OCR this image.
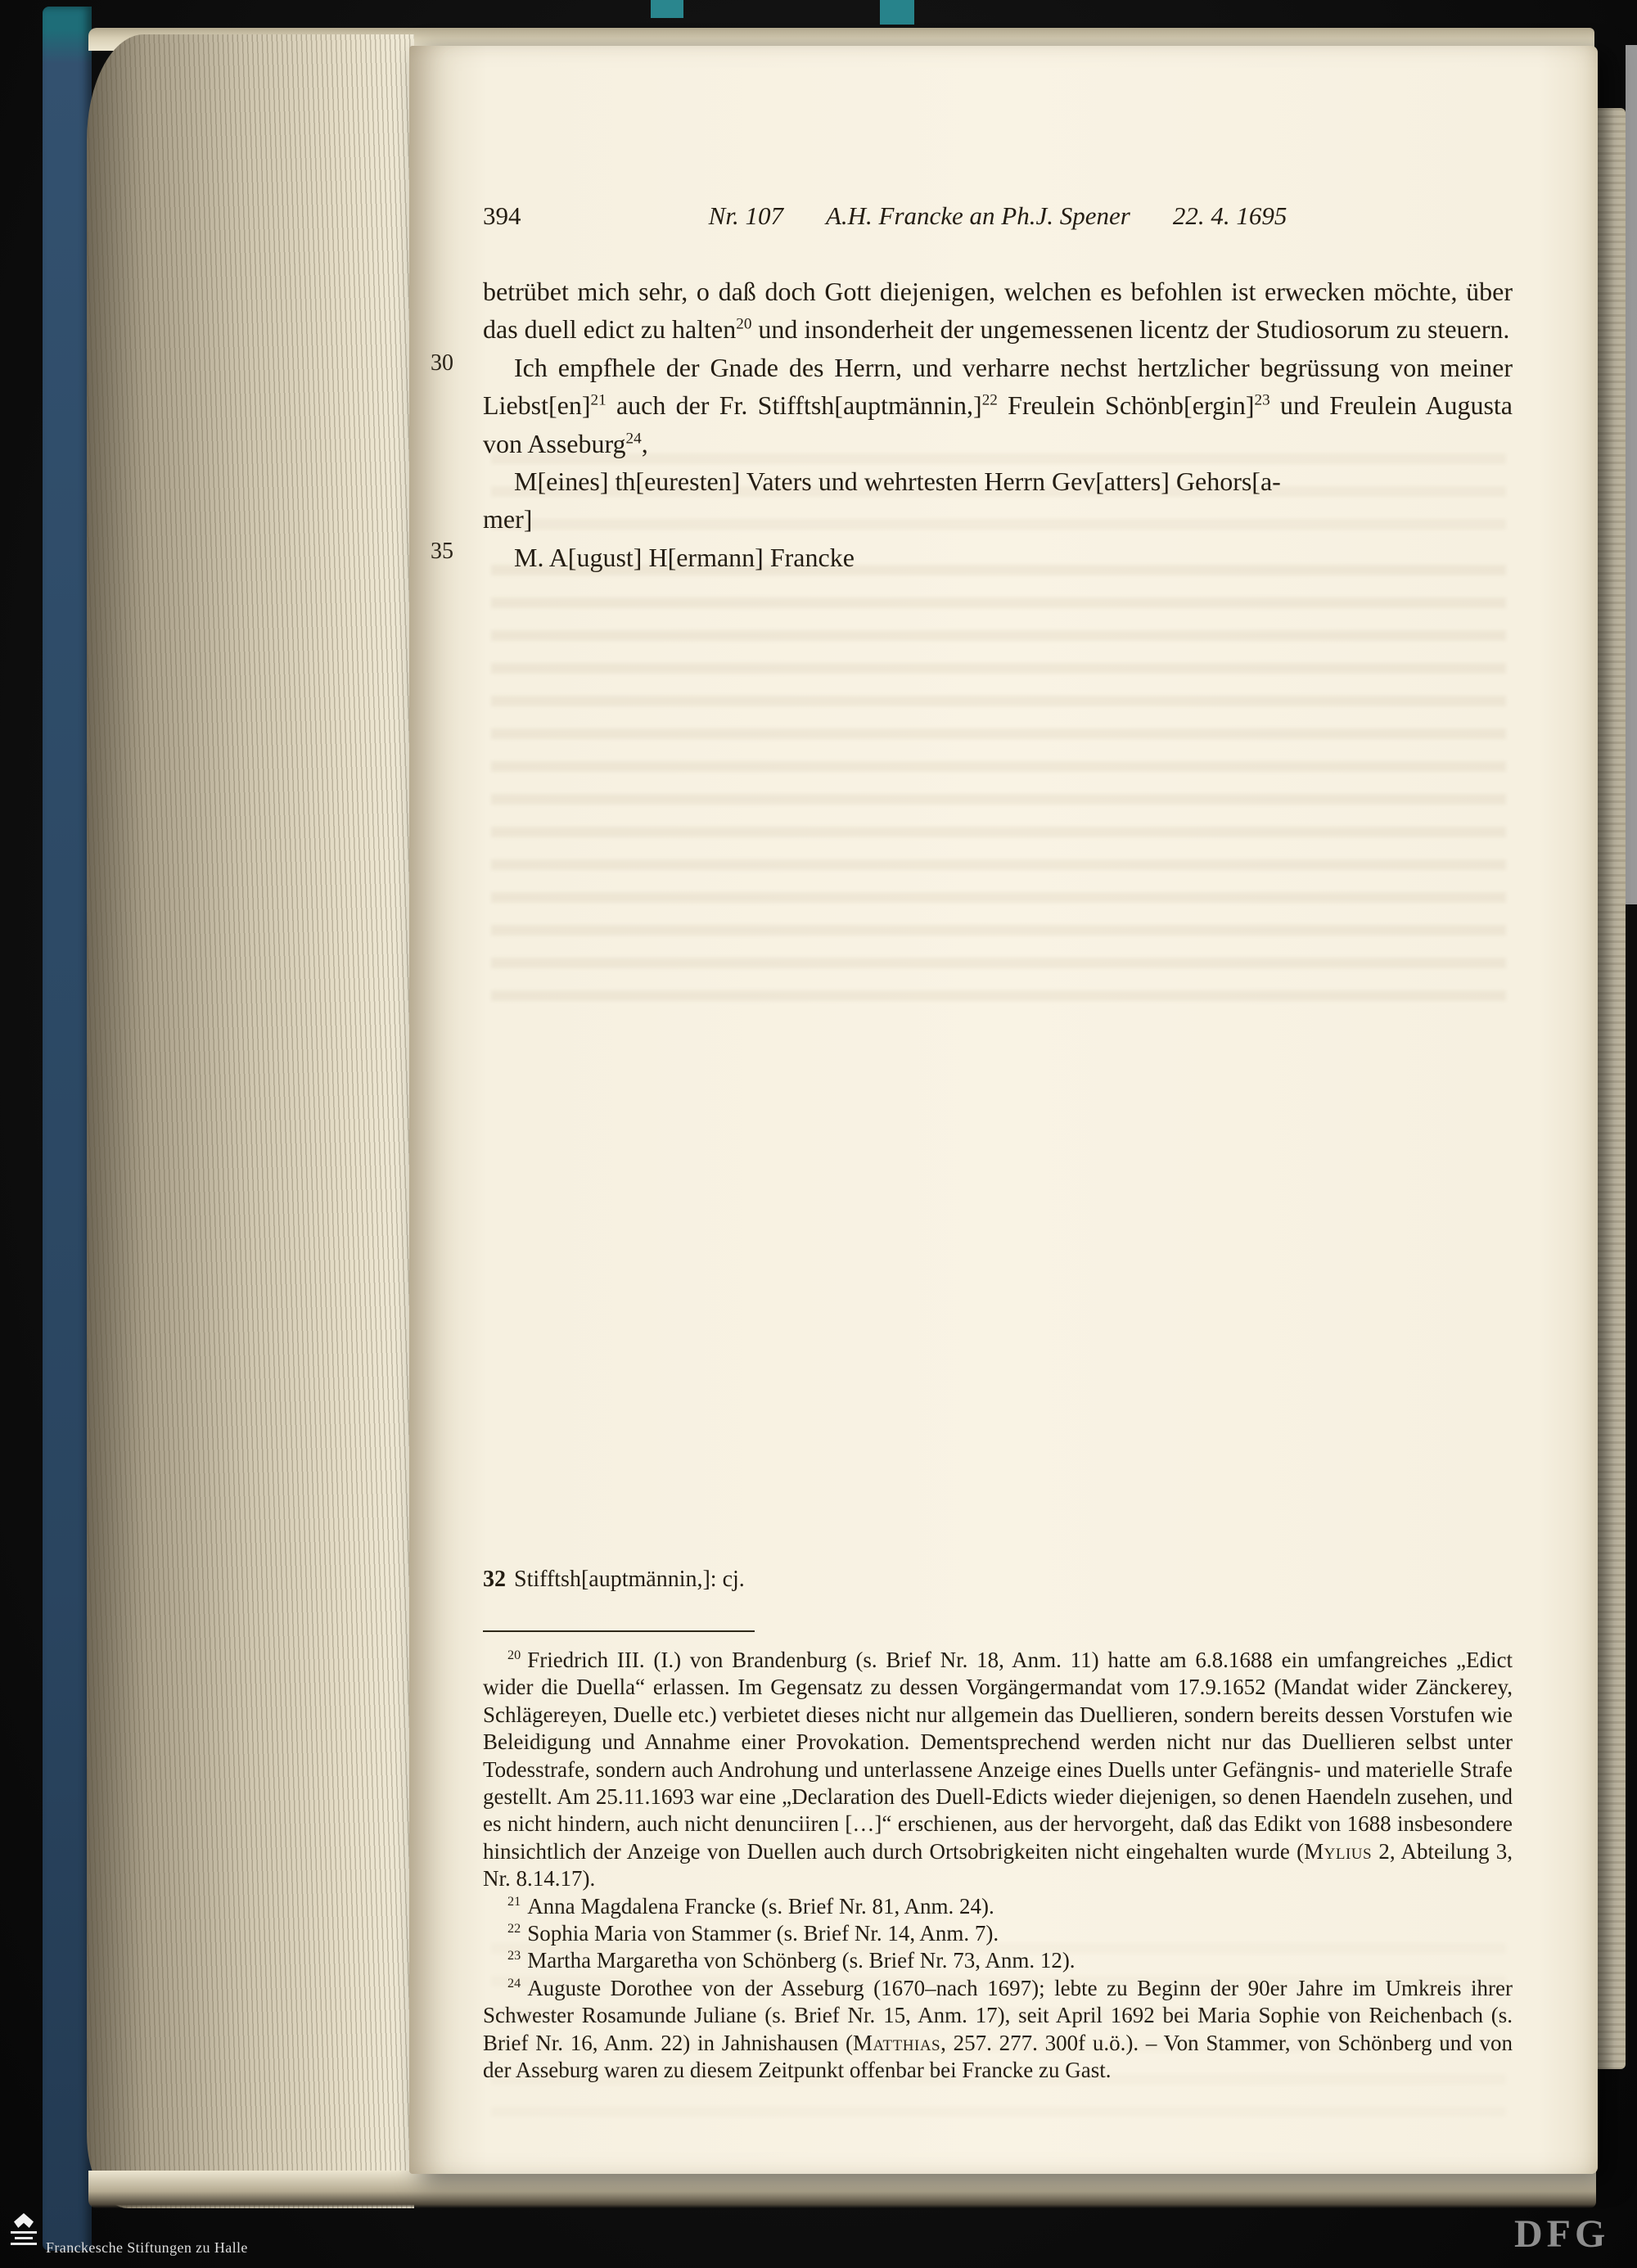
394	Nr. 107 A.H. Francke an Ph.J. Spener 22. 4. 1695
30
35

betrübet mich sehr, o daß doch Gott diejenigen, welchen es befohlen ist erwecken möchte, über das duell edict zu halten$^{20}$ und insonderheit der ungemessenen licentz der Studiosorum zu steuern.

Ich empfhele der Gnade des Herrn, und verharre nechst hertzlicher begrüssung von meiner Liebst[en]$^{21}$ auch der Fr. Stifftsh[auptmännin,]$^{22}$ Freulein Schönb[ergin]$^{23}$ und Freulein Augusta von Asseburg$^{24}$,

M[eines] th[euresten] Vaters und wehrtesten Herrn Gev[atters] Gehors[a-
mer]

M. A[ugust] H[ermann] Francke

32 Stifftsh[auptmännin,]: cj.

$^{20}$ Friedrich III. (I.) von Brandenburg (s. Brief Nr. 18, Anm. 11) hatte am 6.8.1688 ein umfangreiches „Edict wider die Duella“ erlassen. Im Gegensatz zu dessen Vorgängermandat vom 17.9.1652 (Mandat wider Zänckerey, Schlägereyen, Duelle etc.) verbietet dieses nicht nur allgemein das Duellieren, sondern bereits dessen Vorstufen wie Beleidigung und Annahme einer Provokation. Dementsprechend werden nicht nur das Duellieren selbst unter Todesstrafe, sondern auch Androhung und unterlassene Anzeige eines Duells unter Gefängnis- und materielle Strafe gestellt. Am 25.11.1693 war eine „Declaration des Duell-Edicts wieder diejenigen, so denen Haendeln zusehen, und es nicht hindern, auch nicht denunciiren […]“ erschienen, aus der hervorgeht, daß das Edikt von 1688 insbesondere hinsichtlich der Anzeige von Duellen auch durch Ortsobrigkeiten nicht eingehalten wurde (Mylius 2, Abteilung 3, Nr. 8.14.17).

$^{21}$ Anna Magdalena Francke (s. Brief Nr. 81, Anm. 24).

$^{22}$ Sophia Maria von Stammer (s. Brief Nr. 14, Anm. 7).

$^{23}$ Martha Margaretha von Schönberg (s. Brief Nr. 73, Anm. 12).

$^{24}$ Auguste Dorothee von der Asseburg (1670–nach 1697); lebte zu Beginn der 90er Jahre im Umkreis ihrer Schwester Rosamunde Juliane (s. Brief Nr. 15, Anm. 17), seit April 1692 bei Maria Sophie von Reichenbach (s. Brief Nr. 16, Anm. 22) in Jahnishausen (Matthias, 257. 277. 300f u.ö.). – Von Stammer, von Schönberg und von der Asseburg waren zu diesem Zeitpunkt offenbar bei Francke zu Gast.

Franckesche Stiftungen zu Halle	DFG
